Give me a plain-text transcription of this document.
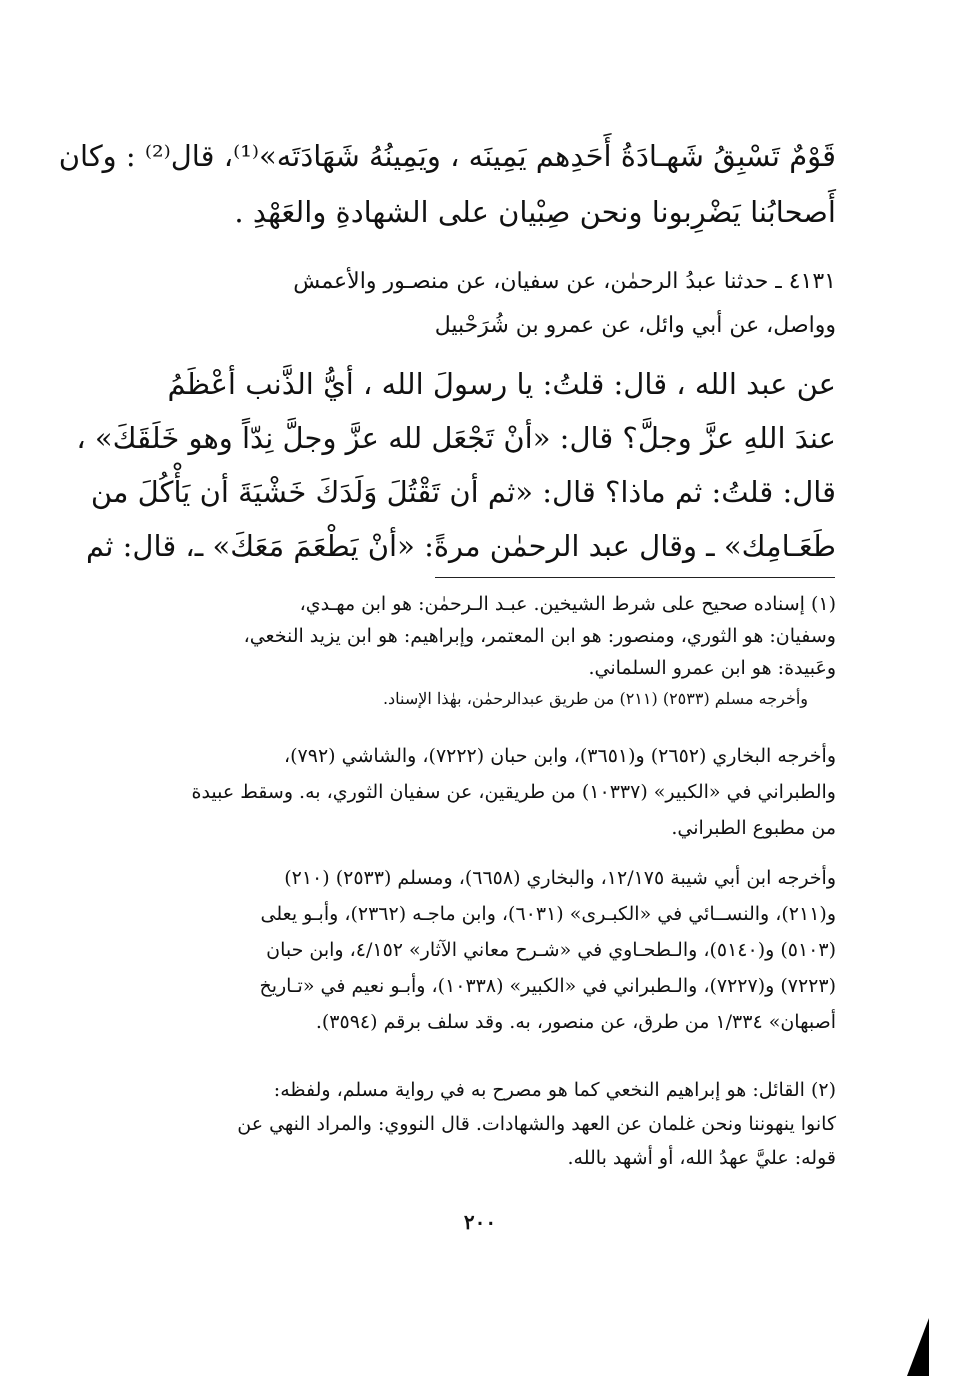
قَوْمٌ تَسْبِقُ شَهـادَةُ أَحَدِهم يَمِينَه ، ويَمِينُهُ شَهَادَتَه»⁽¹⁾، قال⁽²⁾ : وكان
أَصحابُنا يَضْرِبونا ونحن صِبْيان على الشهادةِ والعَهْدِ .
٤١٣١ ـ حدثنا عبدُ الرحمٰن، عن سفيان، عن منصـور والأعمش
وواصل، عن أبي وائل، عن عمرو بن شُرَحْبيل
عن عبد الله ، قال: قلتُ: يا رسولَ الله ، أيُّ الذَّنب أعْظَمُ
عندَ اللهِ عزَّ وجلَّ؟ قال: «أنْ تَجْعَل لله عزَّ وجلَّ نِدّاً وهو خَلَقَكَ» ،
قال: قلتُ: ثم ماذا؟ قال: «ثم أن تَقْتُلَ وَلَدَكَ خَشْيَةَ أن يَأْكُلَ من
طَعَـامِك» ـ وقال عبد الرحمٰن مرةً: «أنْ يَطْعَمَ مَعَكَ» ـ، قال: ثم
(١) إسناده صحيح على شرط الشيخين. عبـد الـرحمٰن: هو ابن مهـدي،
وسفيان: هو الثوري، ومنصور: هو ابن المعتمر، وإبراهيم: هو ابن يزيد النخعي،
وعَبيدة: هو ابن عمرو السلماني.
وأخرجه مسلم (٢٥٣٣) (٢١١) من طريق عبدالرحمٰن، بهٰذا الإسناد.
وأخرجه البخاري (٢٦٥٢) و(٣٦٥١)، وابن حبان (٧٢٢٢)، والشاشي (٧٩٢)،
والطبراني في «الكبير» (١٠٣٣٧) من طريقين، عن سفيان الثوري، به. وسقط عبيدة
من مطبوع الطبراني.
وأخرجه ابن أبي شيبة ١٢/١٧٥، والبخاري (٦٦٥٨)، ومسلم (٢٥٣٣) (٢١٠)
و(٢١١)، والنســائي في «الكبـرى» (٦٠٣١)، وابن ماجـه (٢٣٦٢)، وأبـو يعلى
(٥١٠٣) و(٥١٤٠)، والـطحـاوي في «شـرح معاني الآثار» ٤/١٥٢، وابن حبان
(٧٢٢٣) و(٧٢٢٧)، والـطبراني في «الكبير» (١٠٣٣٨)، وأبـو نعيم في «تـاريخ
أصبهان» ١/٣٣٤ من طرق، عن منصور، به. وقد سلف برقم (٣٥٩٤).
(٢) القائل: هو إبراهيم النخعي كما هو مصرح به في رواية مسلم، ولفظه:
كانوا ينهوننا ونحن غلمان عن العهد والشهادات. قال النووي: والمراد النهي عن
قوله: عليَّ عهدُ الله، أو أشهد بالله.
٢٠٠
